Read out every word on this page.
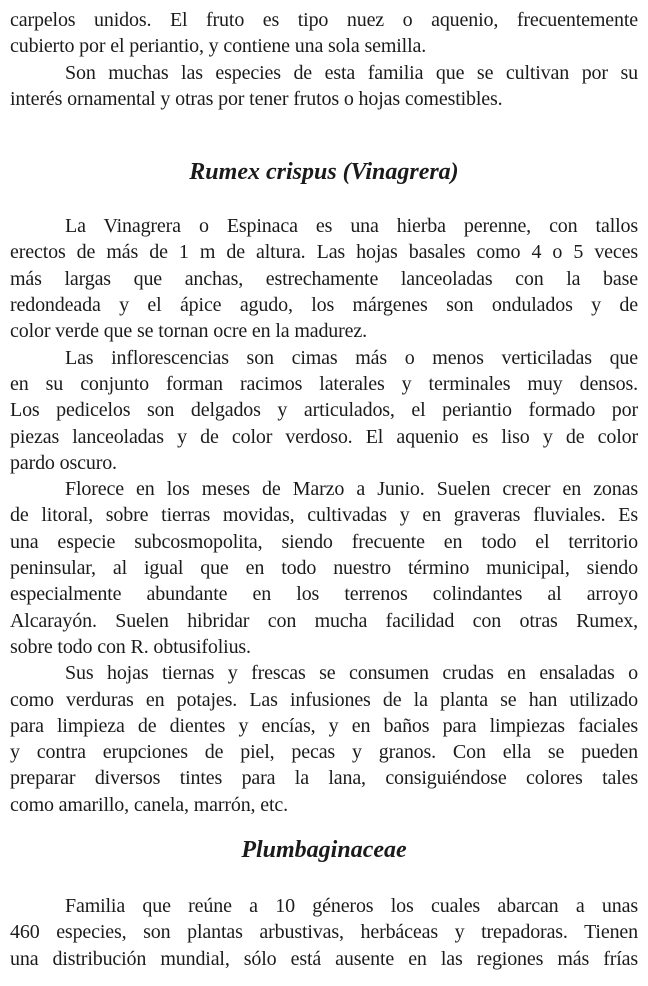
carpelos unidos. El fruto es tipo nuez o aquenio, frecuentemente
cubierto por el periantio, y contiene una sola semilla.
Son muchas las especies de esta familia que se cultivan por su
interés ornamental y otras por tener frutos o hojas comestibles.
Rumex crispus (Vinagrera)
La Vinagrera o Espinaca es una hierba perenne, con tallos
erectos de más de 1 m de altura. Las hojas basales como 4 o 5 veces
más largas que anchas, estrechamente lanceoladas con la base
redondeada y el ápice agudo, los márgenes son ondulados y de
color verde que se tornan ocre en la madurez.
Las inflorescencias son cimas más o menos verticiladas que
en su conjunto forman racimos laterales y terminales muy densos.
Los pedicelos son delgados y articulados, el periantio formado por
piezas lanceoladas y de color verdoso. El aquenio es liso y de color
pardo oscuro.
Florece en los meses de Marzo a Junio. Suelen crecer en zonas
de litoral, sobre tierras movidas, cultivadas y en graveras fluviales. Es
una especie subcosmopolita, siendo frecuente en todo el territorio
peninsular, al igual que en todo nuestro término municipal, siendo
especialmente abundante en los terrenos colindantes al arroyo
Alcarayón. Suelen hibridar con mucha facilidad con otras Rumex,
sobre todo con R. obtusifolius.
Sus hojas tiernas y frescas se consumen crudas en ensaladas o
como verduras en potajes. Las infusiones de la planta se han utilizado
para limpieza de dientes y encías, y en baños para limpiezas faciales
y contra erupciones de piel, pecas y granos. Con ella se pueden
preparar diversos tintes para la lana, consiguiéndose colores tales
como amarillo, canela, marrón, etc.
Plumbaginaceae
Familia que reúne a 10 géneros los cuales abarcan a unas
460 especies, son plantas arbustivas, herbáceas y trepadoras. Tienen
una distribución mundial, sólo está ausente en las regiones más frías
